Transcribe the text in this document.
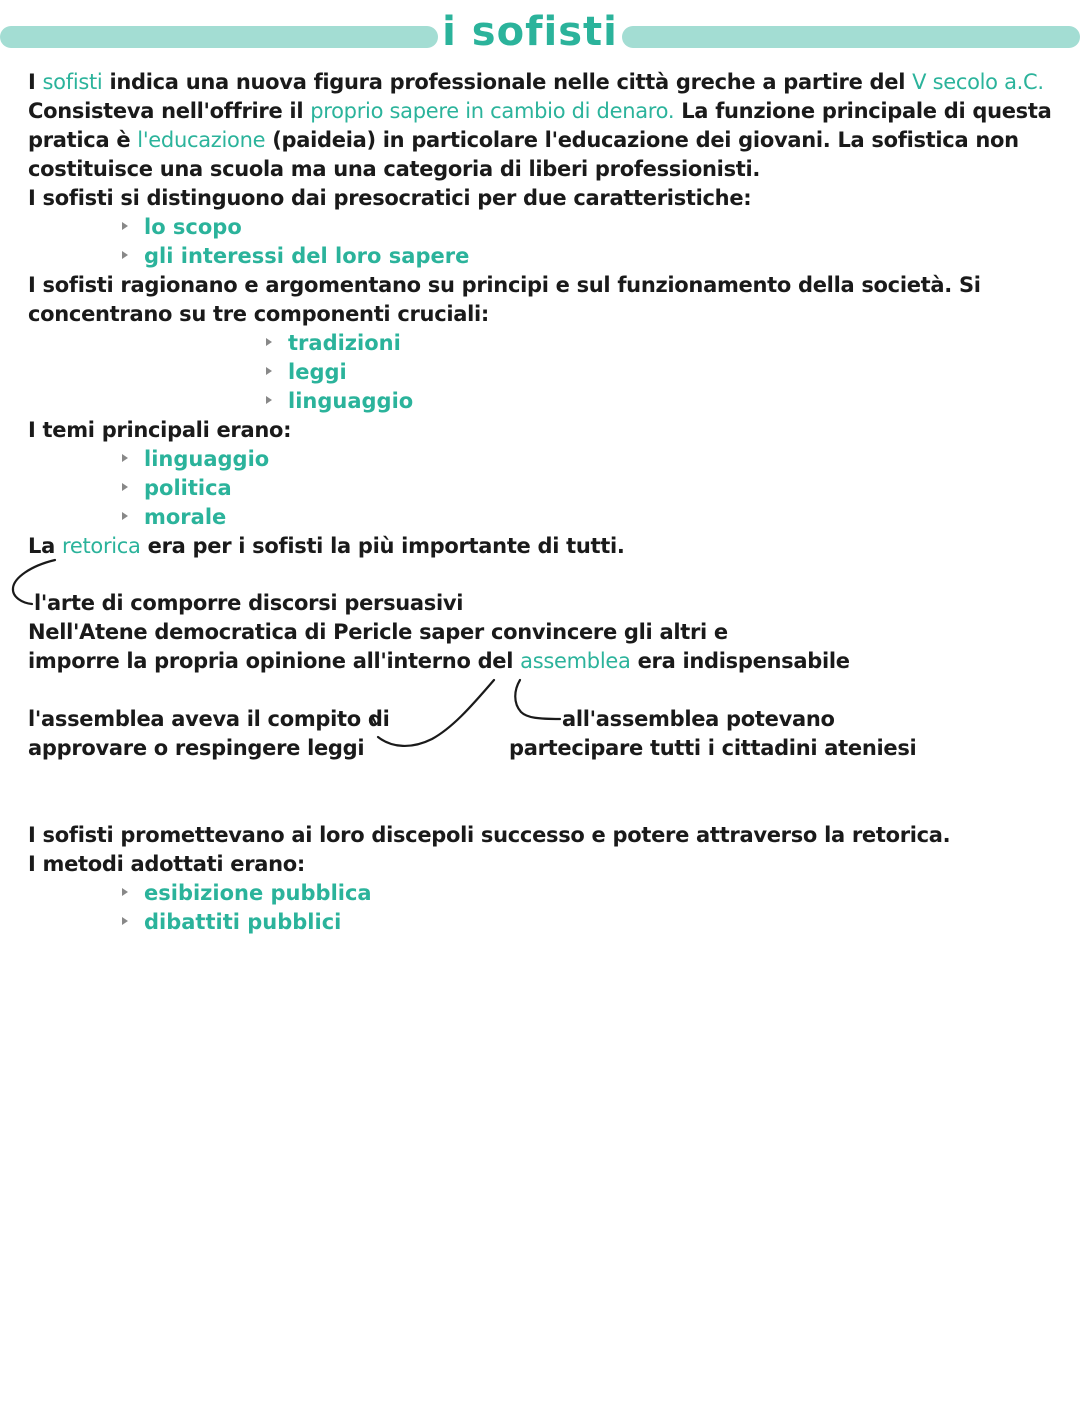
i sofisti
I sofisti indica una nuova figura professionale nelle città greche a partire del V secolo a.C.
Consisteva nell'offrire il proprio sapere in cambio di denaro. La funzione principale di questa
pratica è l'educazione (paideia) in particolare l'educazione dei giovani. La sofistica non
costituisce una scuola ma una categoria di liberi professionisti.
I sofisti si distinguono dai presocratici per due caratteristiche:
lo scopo
gli interessi del loro sapere
I sofisti ragionano e argomentano su principi e sul funzionamento della società. Si
concentrano su tre componenti cruciali:
tradizioni
leggi
linguaggio
I temi principali erano:
linguaggio
politica
morale
La retorica era per i sofisti la più importante di tutti.
l'arte di comporre discorsi persuasivi
Nell'Atene democratica di Pericle saper convincere gli altri e
imporre la propria opinione all'interno del assemblea era indispensabile
l'assemblea aveva il compito di
approvare o respingere leggi
all'assemblea potevano
partecipare tutti i cittadini ateniesi
I sofisti promettevano ai loro discepoli successo e potere attraverso la retorica.
I metodi adottati erano:
esibizione pubblica
dibattiti pubblici
